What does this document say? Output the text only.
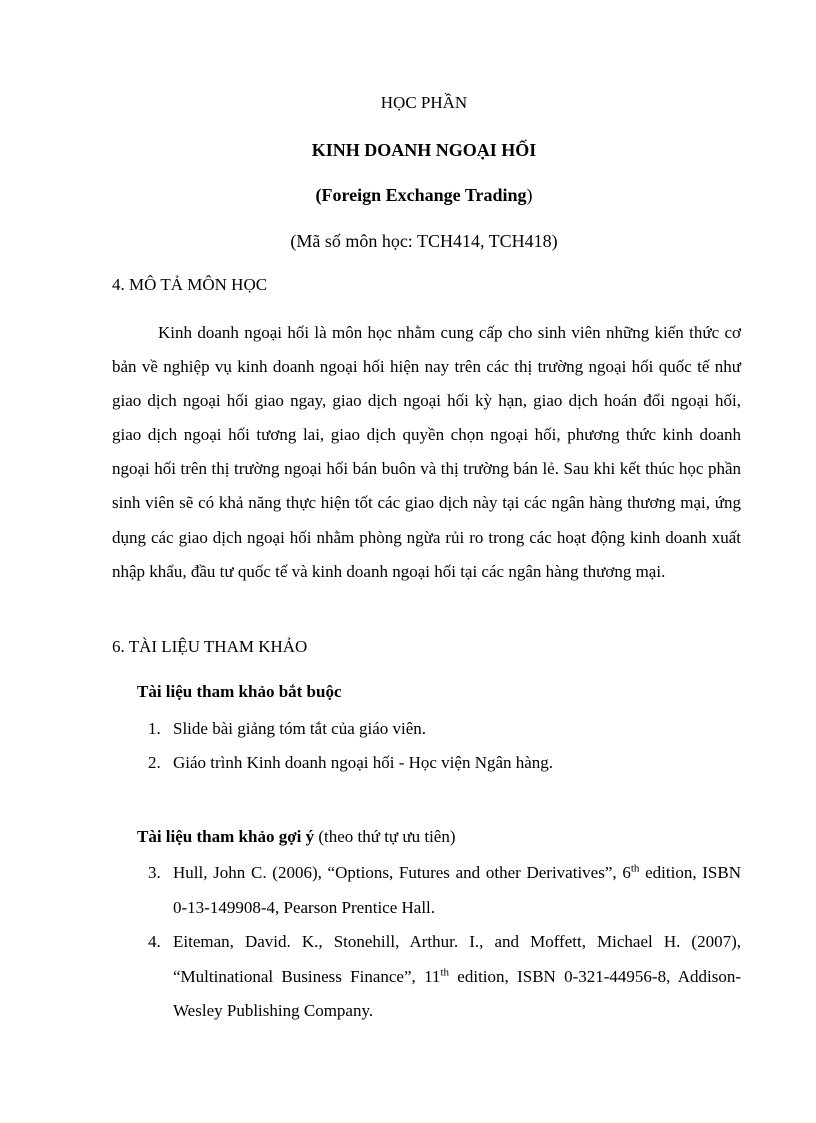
HỌC PHẦN
KINH DOANH NGOẠI HỐI
(Foreign Exchange Trading)
(Mã số môn học: TCH414, TCH418)
4. MÔ TẢ MÔN HỌC
Kinh doanh ngoại hối là môn học nhằm cung cấp cho sinh viên những kiến thức cơ bản về nghiệp vụ kinh doanh ngoại hối hiện nay trên các thị trường ngoại hối quốc tế như giao dịch ngoại hối giao ngay, giao dịch ngoại hối kỳ hạn, giao dịch hoán đổi ngoại hối, giao dịch ngoại hối tương lai, giao dịch quyền chọn ngoại hối, phương thức kinh doanh ngoại hối trên thị trường ngoại hối bán buôn và thị trường bán lẻ. Sau khi kết thúc học phần sinh viên sẽ có khả năng thực hiện tốt các giao dịch này tại các ngân hàng thương mại, ứng dụng các giao dịch ngoại hối nhằm phòng ngừa rủi ro trong các hoạt động kinh doanh xuất nhập khẩu, đầu tư quốc tế và kinh doanh ngoại hối tại các ngân hàng thương mại.
6. TÀI LIỆU THAM KHẢO
Tài liệu tham khảo bắt buộc
1. Slide bài giảng tóm tắt của giáo viên.
2. Giáo trình Kinh doanh ngoại hối - Học viện Ngân hàng.
Tài liệu tham khảo gợi ý (theo thứ tự ưu tiên)
3. Hull, John C. (2006), “Options, Futures and other Derivatives”, 6th edition, ISBN 0-13-149908-4, Pearson Prentice Hall.
4. Eiteman, David. K., Stonehill, Arthur. I., and Moffett, Michael H. (2007), “Multinational Business Finance”, 11th edition, ISBN 0-321-44956-8, Addison-Wesley Publishing Company.
